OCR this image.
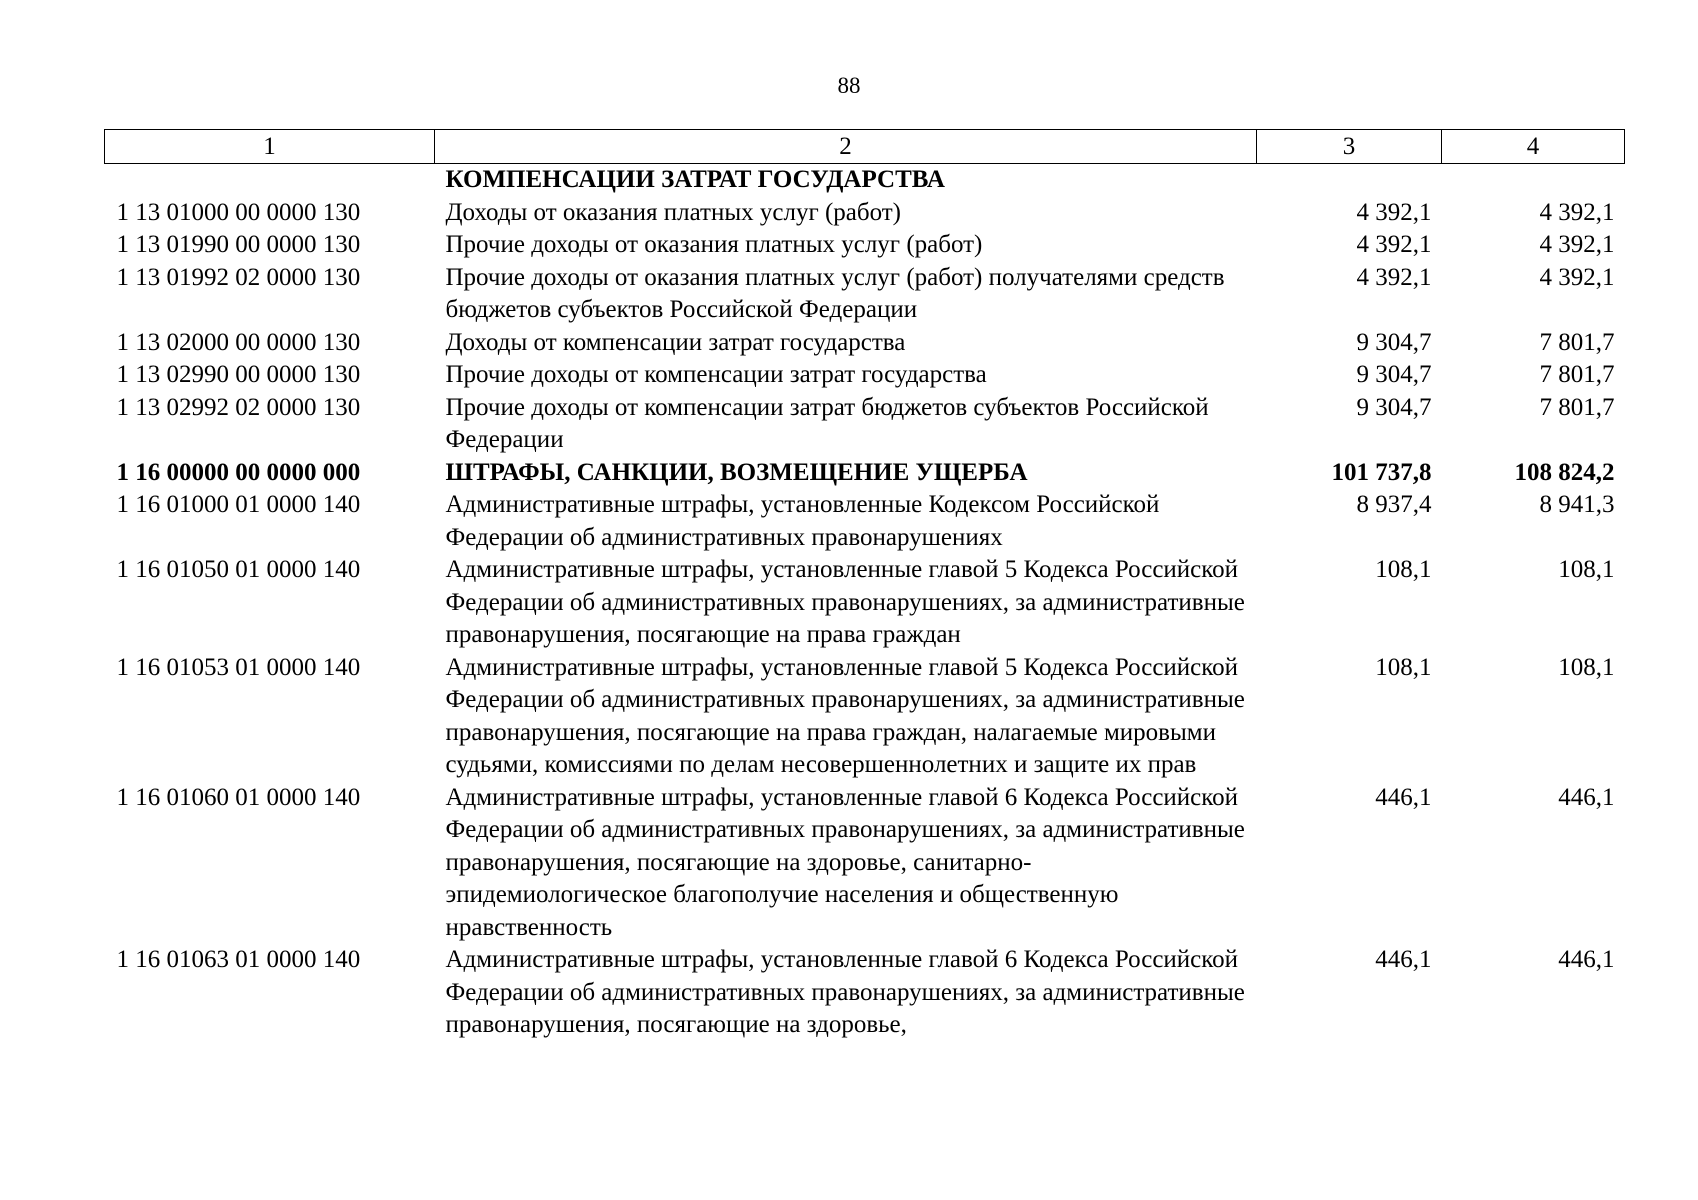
88
1	2	3	4
	КОМПЕНСАЦИИ ЗАТРАТ ГОСУДАРСТВА		
1 13 01000 00 0000 130	Доходы от оказания платных услуг (работ)	4 392,1	4 392,1
1 13 01990 00 0000 130	Прочие доходы от оказания платных услуг (работ)	4 392,1	4 392,1
1 13 01992 02 0000 130	Прочие доходы от оказания платных услуг (работ) получателями средств бюджетов субъектов Российской Федерации	4 392,1	4 392,1
1 13 02000 00 0000 130	Доходы от компенсации затрат государства	9 304,7	7 801,7
1 13 02990 00 0000 130	Прочие доходы от компенсации затрат государства	9 304,7	7 801,7
1 13 02992 02 0000 130	Прочие доходы от компенсации затрат бюджетов субъектов Российской Федерации	9 304,7	7 801,7
1 16 00000 00 0000 000	ШТРАФЫ, САНКЦИИ, ВОЗМЕЩЕНИЕ УЩЕРБА	101 737,8	108 824,2
1 16 01000 01 0000 140	Административные штрафы, установленные Кодексом Российской Федерации об административных правонарушениях	8 937,4	8 941,3
1 16 01050 01 0000 140	Административные штрафы, установленные главой 5 Кодекса Российской Федерации об административных правонарушениях, за административные правонарушения, посягающие на права граждан	108,1	108,1
1 16 01053 01 0000 140	Административные штрафы, установленные главой 5 Кодекса Российской Федерации об административных правонарушениях, за административные правонарушения, посягающие на права граждан, налагаемые мировыми судьями, комиссиями по делам несовершеннолетних и защите их прав	108,1	108,1
1 16 01060 01 0000 140	Административные штрафы, установленные главой 6 Кодекса Российской Федерации об административных правонарушениях, за административные правонарушения, посягающие на здоровье, санитарно-эпидемиологическое благополучие населения и общественную нравственность	446,1	446,1
1 16 01063 01 0000 140	Административные штрафы, установленные главой 6 Кодекса Российской Федерации об административных правонарушениях, за административные правонарушения, посягающие на здоровье,	446,1	446,1
